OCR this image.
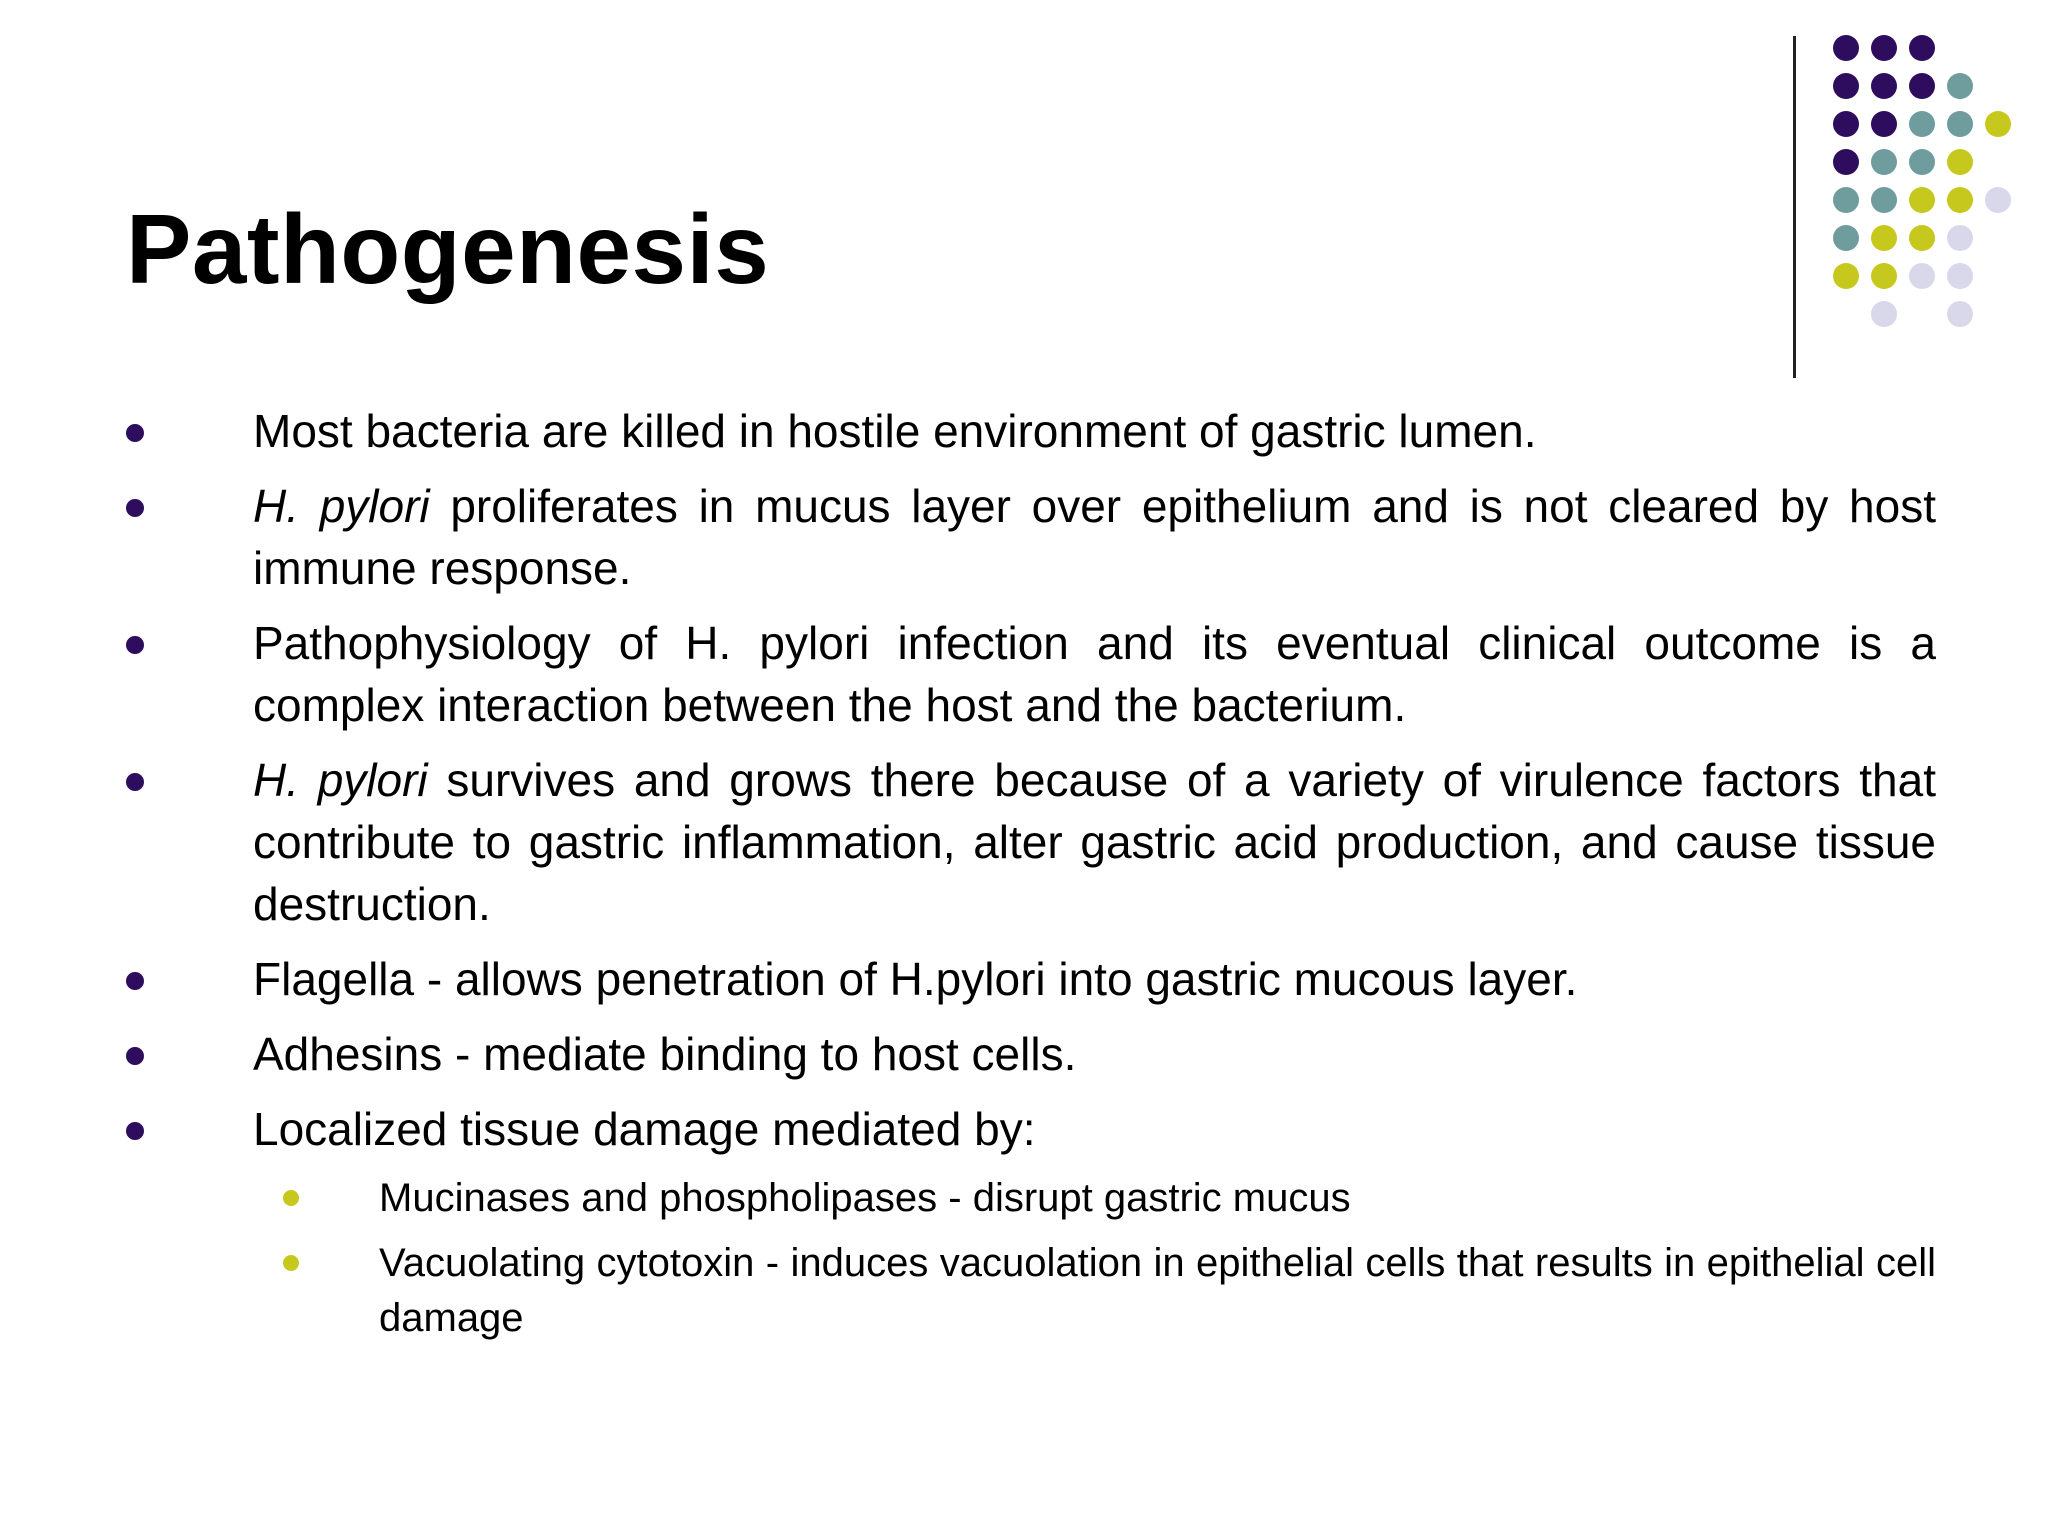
Pathogenesis
Most bacteria are killed in hostile environment of gastric lumen.
H. pylori proliferates in mucus layer over epithelium and is not cleared by host immune response.
Pathophysiology of H. pylori infection and its eventual clinical outcome is a complex interaction between the host and the bacterium.
H. pylori survives and grows there because of a variety of virulence factors that contribute to gastric inflammation, alter gastric acid production, and cause tissue destruction.
Flagella - allows penetration of H.pylori into gastric mucous layer.
Adhesins - mediate binding to host cells.
Localized tissue damage mediated by:
Mucinases and phospholipases - disrupt gastric mucus
Vacuolating cytotoxin - induces vacuolation in epithelial cells that results in epithelial cell damage
